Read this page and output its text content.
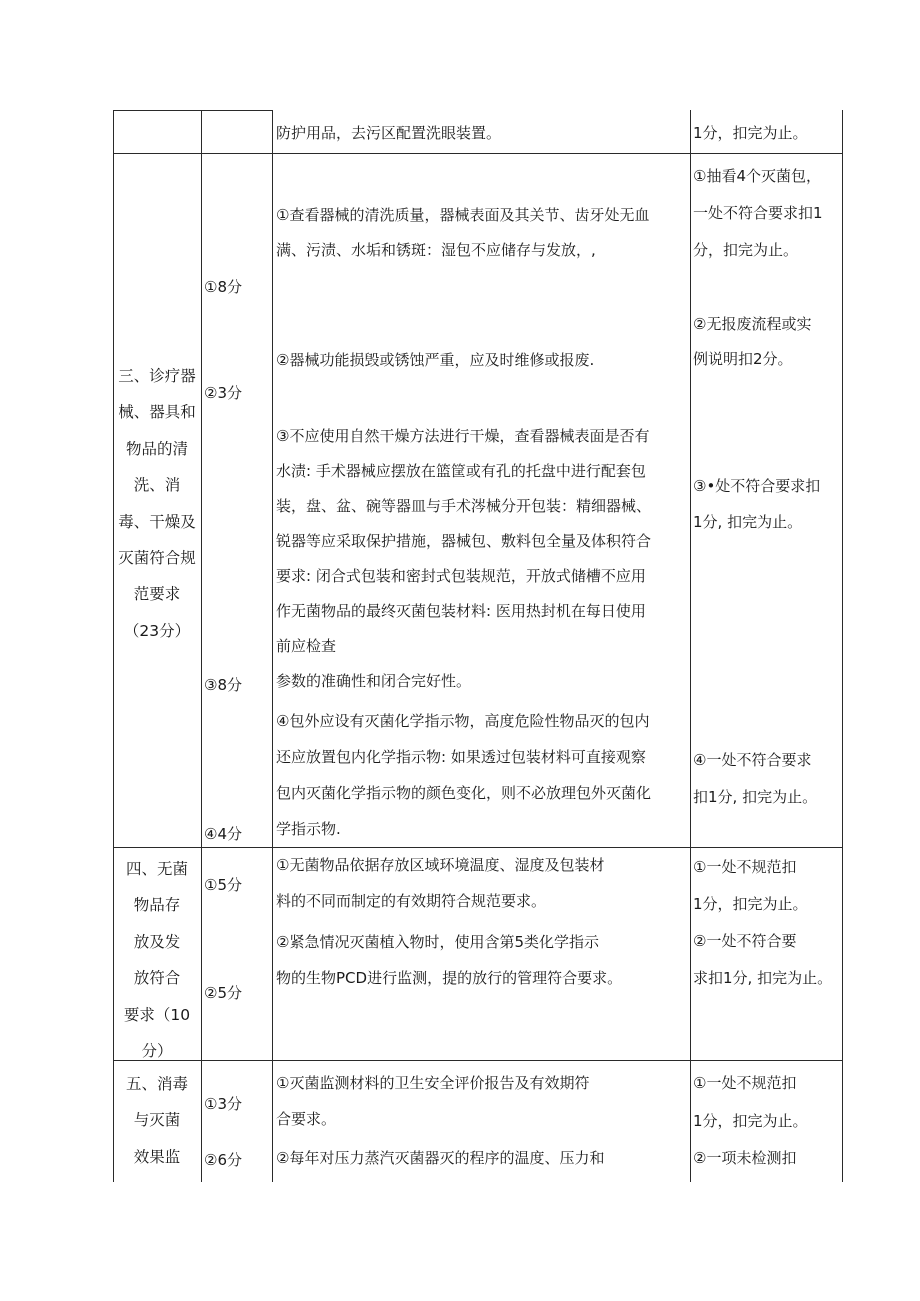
防护用品，去污区配置洗眼装置。	1分，扣完为止。
三、诊疗器
械、器具和
物品的清
洗、消
毒、干燥及
灭菌符合规
范要求
（23分）
①8分
②3分
③8分
④4分
①查看器械的清洗质量，器械表面及其关节、齿牙处无血
满、污渍、水垢和锈斑：湿包不应储存与发放，,
②器械功能损毁或锈蚀严重，应及时维修或报废.
③不应使用自然干燥方法进行干燥，查看器械表面是否有
水渍: 手术器械应摆放在篮筐或有孔的托盘中进行配套包
装，盘、盆、碗等器皿与手术涔械分开包装：精细器械、
锐器等应采取保护措施，器械包、敷料包全量及体积符合
要求: 闭合式包装和密封式包装规范，开放式储槽不应用
作无菌物品的最终灭菌包装材料: 医用热封机在每日使用
前应检查
参数的准确性和闭合完好性。
④包外应设有灭菌化学指示物，高度危险性物品灭的包内
还应放置包内化学指示物: 如果透过包装材料可直接观察
包内灭菌化学指示物的颜色变化，则不必放理包外灭菌化
学指示物.
①抽看4个灭菌包，
一处不符合要求扣1
分，扣完为止。
②无报废流程或实
例说明扣2分。
③•处不符合要求扣
1分, 扣完为止。
④一处不符合要求
扣1分, 扣完为止。
四、无菌
物品存
放及发
放符合
要求（10
分）
①5分
②5分
①无菌物品依据存放区域环境温度、湿度及包装材
料的不同而制定的有效期符合规范要求。
②紧急情况灭菌植入物时，使用含第5类化学指示
物的生物PCD进行监测，提的放行的管理符合要求。
①一处不规范扣
1分，扣完为止。
②一处不符合要
求扣1分, 扣完为止。
五、消毒
与灭菌
效果监
①3分
②6分
①灭菌监测材料的卫生安全评价报告及有效期符
合要求。
②每年对压力蒸汽灭菌器灭的程序的温度、压力和
①一处不规范扣
1分，扣完为止。
②一项未检测扣
